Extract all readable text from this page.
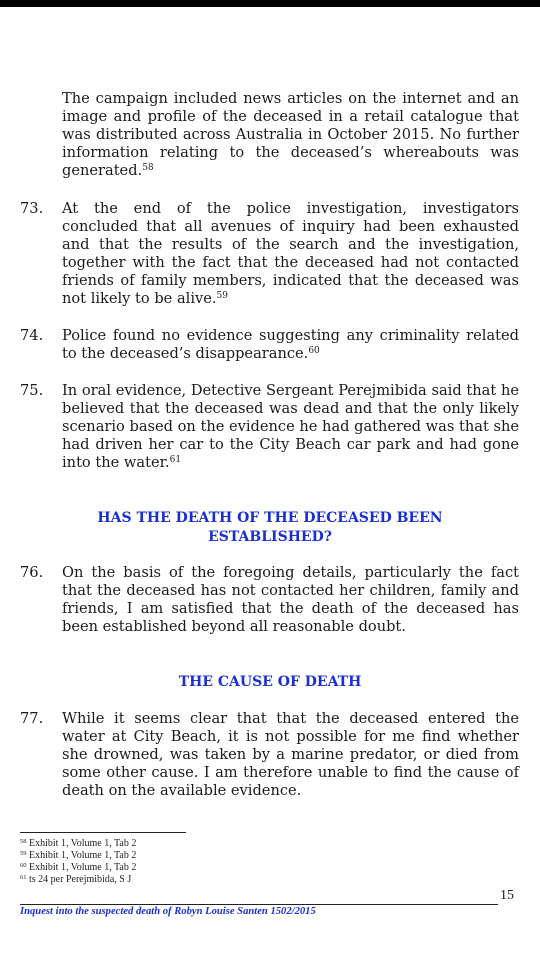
The campaign included news articles on the internet and an image and profile of the deceased in a retail catalogue that was distributed across Australia in October 2015. No further information relating to the deceased’s whereabouts was generated.$^{58}$
73. At the end of the police investigation, investigators concluded that all avenues of inquiry had been exhausted and that the results of the search and the investigation, together with the fact that the deceased had not contacted friends of family members, indicated that the deceased was not likely to be alive.$^{59}$
74. Police found no evidence suggesting any criminality related to the deceased’s disappearance.$^{60}$
75. In oral evidence, Detective Sergeant Perejmibida said that he believed that the deceased was dead and that the only likely scenario based on the evidence he had gathered was that she had driven her car to the City Beach car park and had gone into the water.$^{61}$
HAS THE DEATH OF THE DECEASED BEEN
ESTABLISHED?
76. On the basis of the foregoing details, particularly the fact that the deceased has not contacted her children, family and friends, I am satisfied that the death of the deceased has been established beyond all reasonable doubt.
THE CAUSE OF DEATH
77. While it seems clear that that the deceased entered the water at City Beach, it is not possible for me find whether she drowned, was taken by a marine predator, or died from some other cause. I am therefore unable to find the cause of death on the available evidence.
$^{58}$ Exhibit 1, Volume 1, Tab 2
$^{59}$ Exhibit 1, Volume 1, Tab 2
$^{60}$ Exhibit 1, Volume 1, Tab 2
$^{61}$ ts 24 per Perejmibida, S J
15
Inquest into the suspected death of Robyn Louise Santen 1502/2015
